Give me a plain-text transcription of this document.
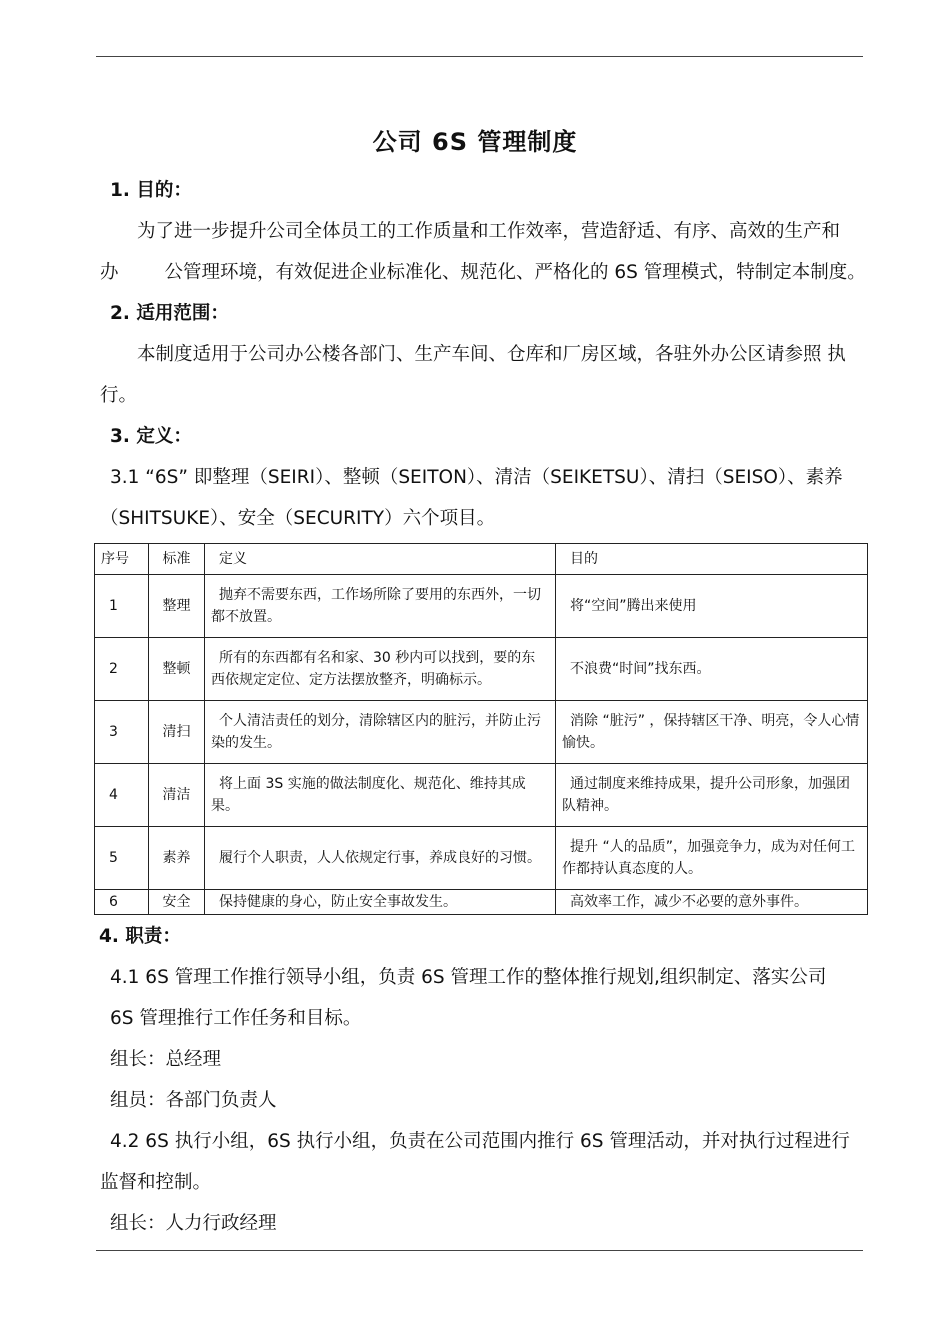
公司 6S 管理制度
1. 目的：
为了进一步提升公司全体员工的工作质量和工作效率，营造舒适、有序、高效的生产和
办 公管理环境，有效促进企业标准化、规范化、严格化的 6S 管理模式，特制定本制度。
2. 适用范围：
本制度适用于公司办公楼各部门、生产车间、仓库和厂房区域，各驻外办公区请参照 执
行。
3. 定义：
3.1 “6S” 即整理（SEIRI）、整顿（SEITON）、清洁（SEIKETSU）、清扫（SEISO）、素养
（SHITSUKE）、安全（SECURITY）六个项目。
序号	标准	定义	目的
1	整理	抛弃不需要东西，工作场所除了要用的东西外，一切都不放置。	将“空间”腾出来使用
2	整顿	所有的东西都有名和家、30 秒内可以找到，要的东西依规定定位、定方法摆放整齐，明确标示。	不浪费“时间”找东西。
3	清扫	个人清洁责任的划分，清除辖区内的脏污，并防止污染的发生。	消除 “脏污” ，保持辖区干净、明亮，令人心情愉快。
4	清洁	将上面 3S 实施的做法制度化、规范化、维持其成果。	通过制度来维持成果，提升公司形象，加强团队精神。
5	素养	履行个人职责，人人依规定行事，养成良好的习惯。	提升 “人的品质”，加强竞争力，成为对任何工作都持认真态度的人。
6	安全	保持健康的身心，防止安全事故发生。	高效率工作，减少不必要的意外事件。
4. 职责：
4.1 6S 管理工作推行领导小组，负责 6S 管理工作的整体推行规划,组织制定、落实公司
6S 管理推行工作任务和目标。
组长：总经理
组员：各部门负责人
4.2 6S 执行小组，6S 执行小组，负责在公司范围内推行 6S 管理活动，并对执行过程进行
监督和控制。
组长：人力行政经理
